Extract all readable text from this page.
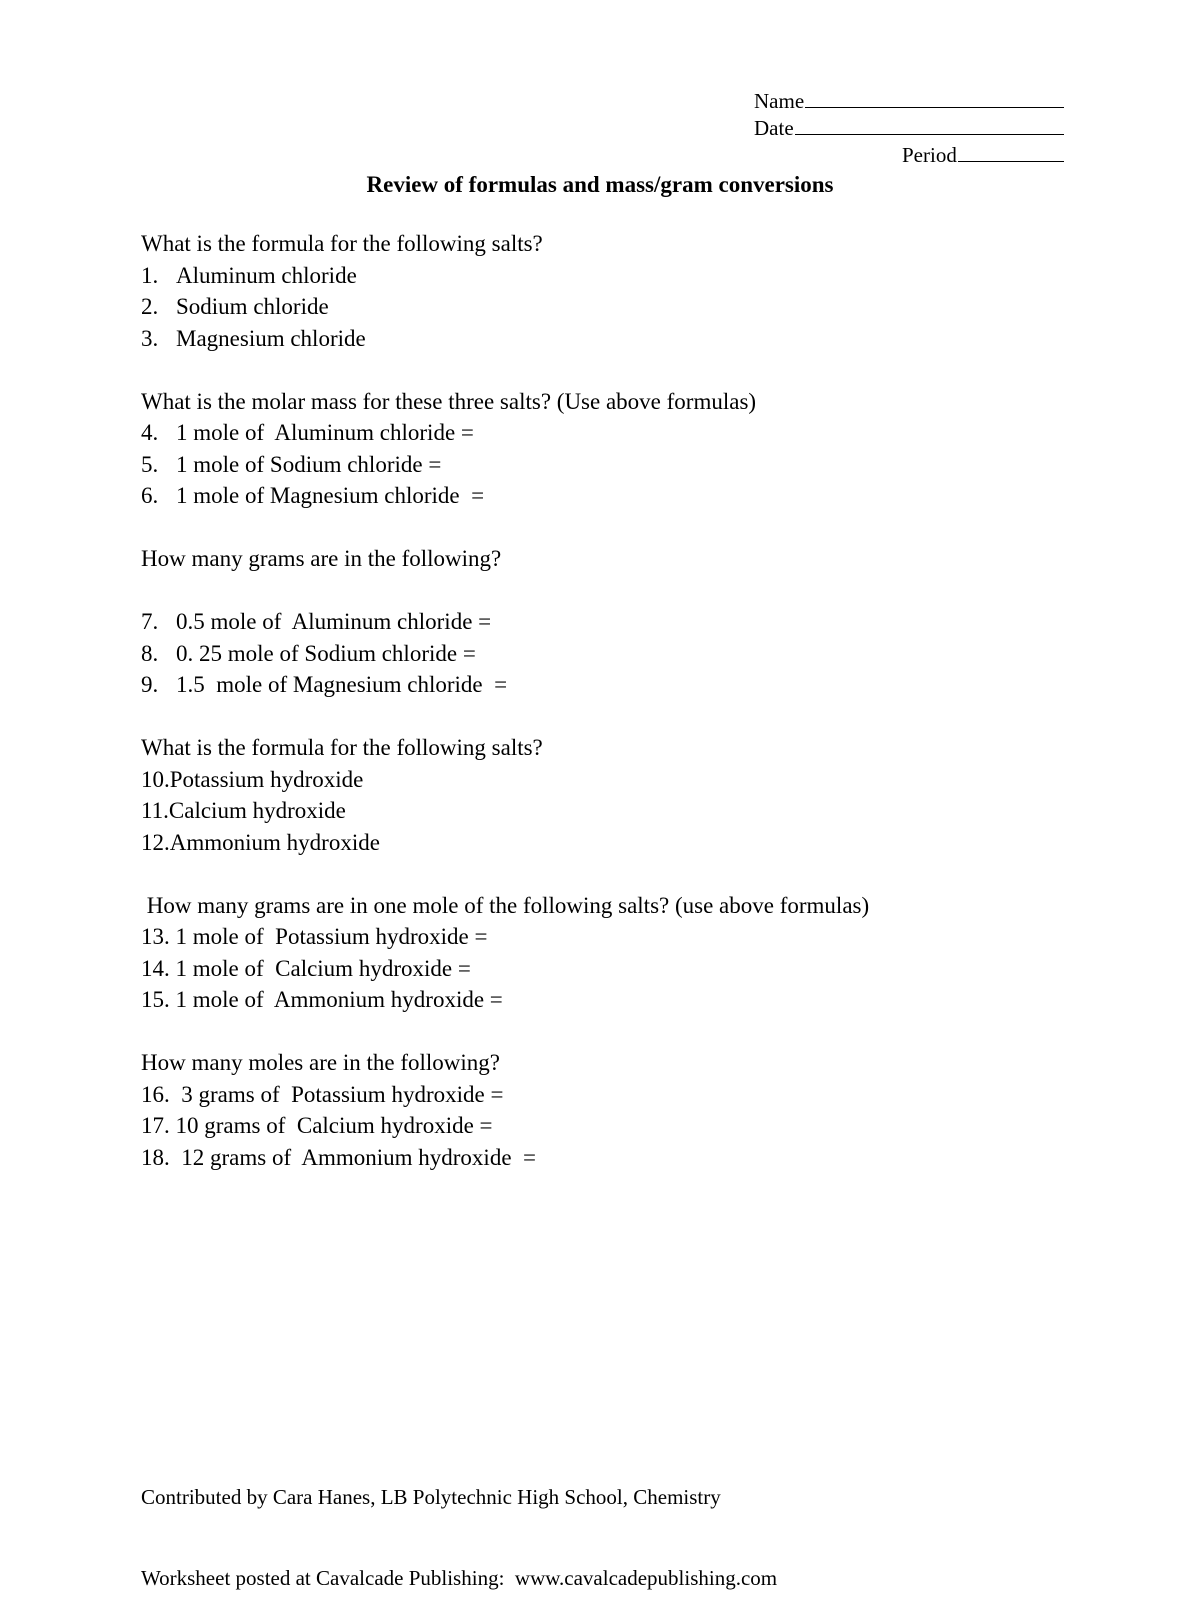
Name
Date
Period
Review of formulas and mass/gram conversions
What is the formula for the following salts?
1. Aluminum chloride
2. Sodium chloride
3. Magnesium chloride
What is the molar mass for these three salts? (Use above formulas)
4. 1 mole of  Aluminum chloride =
5. 1 mole of Sodium chloride =
6. 1 mole of Magnesium chloride  =
How many grams are in the following?
7. 0.5 mole of  Aluminum chloride =
8. 0. 25 mole of Sodium chloride =
9. 1.5  mole of Magnesium chloride  =
What is the formula for the following salts?
10. Potassium hydroxide
11. Calcium hydroxide
12. Ammonium hydroxide
How many grams are in one mole of the following salts? (use above formulas)
13. 1 mole of  Potassium hydroxide =
14. 1 mole of  Calcium hydroxide =
15. 1 mole of  Ammonium hydroxide =
How many moles are in the following?
16. 3 grams of  Potassium hydroxide =
17. 10 grams of  Calcium hydroxide =
18. 12 grams of  Ammonium hydroxide  =

Contributed by Cara Hanes, LB Polytechnic High School, Chemistry

Worksheet posted at Cavalcade Publishing:  www.cavalcadepublishing.com
